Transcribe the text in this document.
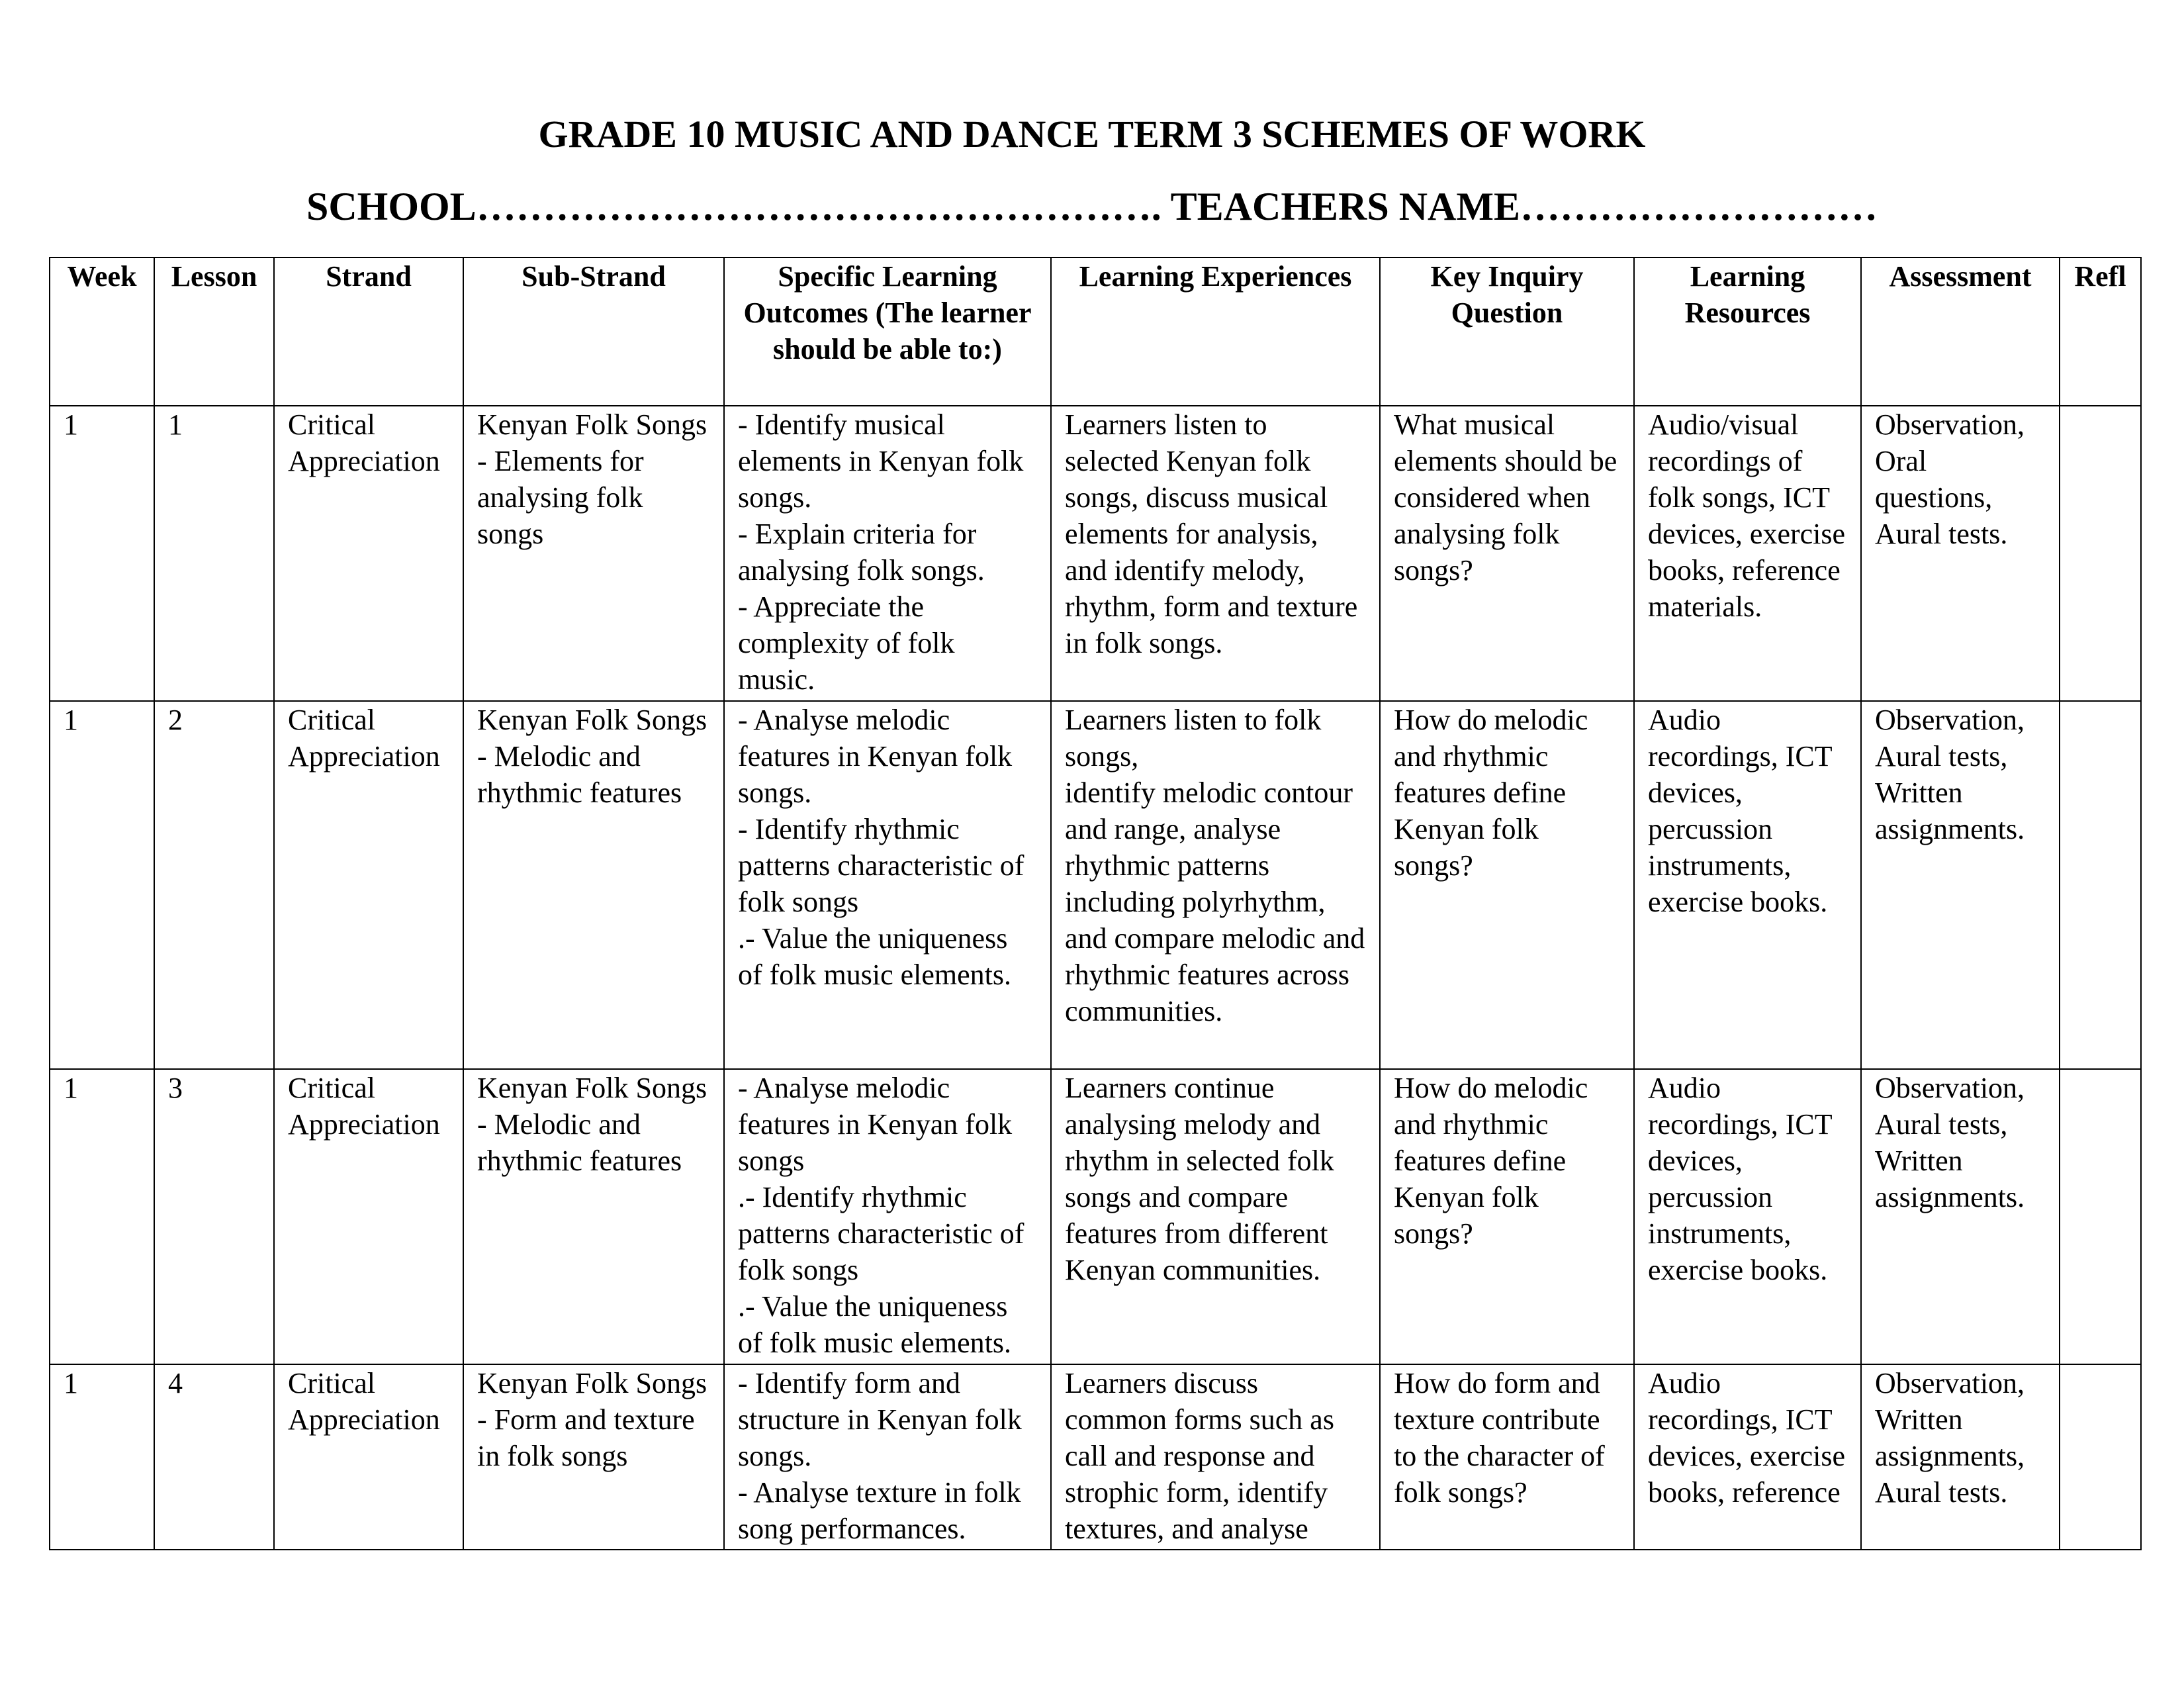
GRADE 10 MUSIC AND DANCE TERM 3 SCHEMES OF WORK
SCHOOL……………………………………………. TEACHERS NAME………………………
Week	Lesson	Strand	Sub-Strand	Specific Learning Outcomes (The learner should be able to:)	Learning Experiences	Key Inquiry Question	Learning Resources	Assessment	Refl

1	1	Critical Appreciation	Kenyan Folk Songs - Elements for analysing folk songs	- Identify musical elements in Kenyan folk songs.
- Explain criteria for analysing folk songs.
- Appreciate the complexity of folk music.	Learners listen to selected Kenyan folk songs, discuss musical elements for analysis, and identify melody, rhythm, form and texture in folk songs.	What musical elements should be considered when analysing folk songs?	Audio/visual recordings of folk songs, ICT devices, exercise books, reference materials.	Observation, Oral questions, Aural tests.	

1	2	Critical Appreciation	Kenyan Folk Songs - Melodic and rhythmic features	- Analyse melodic features in Kenyan folk songs.
- Identify rhythmic patterns characteristic of folk songs
.- Value the uniqueness of folk music elements.	Learners listen to folk songs,
identify melodic contour and range, analyse rhythmic patterns including polyrhythm, and compare melodic and rhythmic features across communities.	How do melodic and rhythmic features define Kenyan folk songs?	Audio recordings, ICT devices, percussion instruments, exercise books.	Observation, Aural tests, Written assignments.	

1	3	Critical Appreciation	Kenyan Folk Songs - Melodic and rhythmic features	- Analyse melodic features in Kenyan folk songs
.- Identify rhythmic patterns characteristic of folk songs
.- Value the uniqueness of folk music elements.	Learners continue analysing melody and rhythm in selected folk songs and compare features from different Kenyan communities.	How do melodic and rhythmic features define Kenyan folk songs?	Audio recordings, ICT devices, percussion instruments, exercise books.	Observation, Aural tests, Written assignments.	

1	4	Critical Appreciation	Kenyan Folk Songs - Form and texture in folk songs	- Identify form and structure in Kenyan folk songs.
- Analyse texture in folk song performances.	Learners discuss common forms such as call and response and strophic form, identify textures, and analyse	How do form and texture contribute to the character of folk songs?	Audio recordings, ICT devices, exercise books, reference	Observation, Written assignments, Aural tests.	
